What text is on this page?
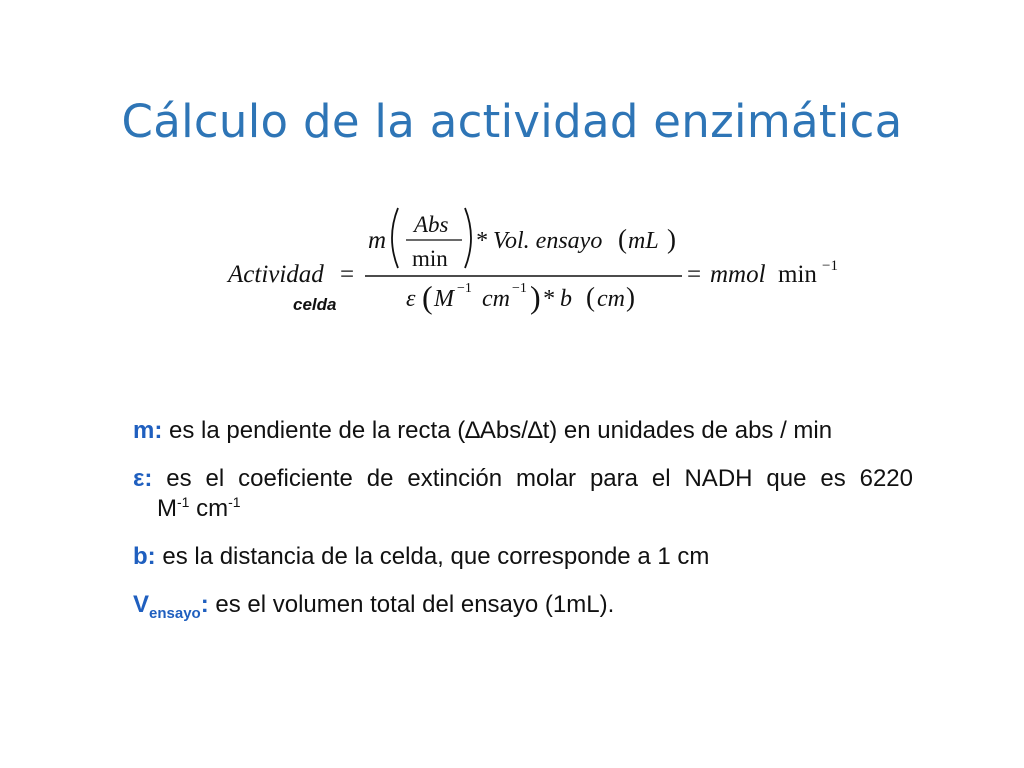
Cálculo de la actividad enzimática
Actividad
celda
=
m
Abs
min
* Vol. ensayo ( mL )
ε ( M −1 cm −1 ) * b ( cm )
= mmol min −1
m: es la pendiente de la recta (∆Abs/∆t) en unidades de abs / min
ε: es el coeficiente de extinción molar para el NADH que es 6220
$M^{-1}$ $cm^{-1}$
b: es la distancia de la celda, que corresponde a 1 cm
$V_{ensayo}$: es el volumen total del ensayo (1mL).
